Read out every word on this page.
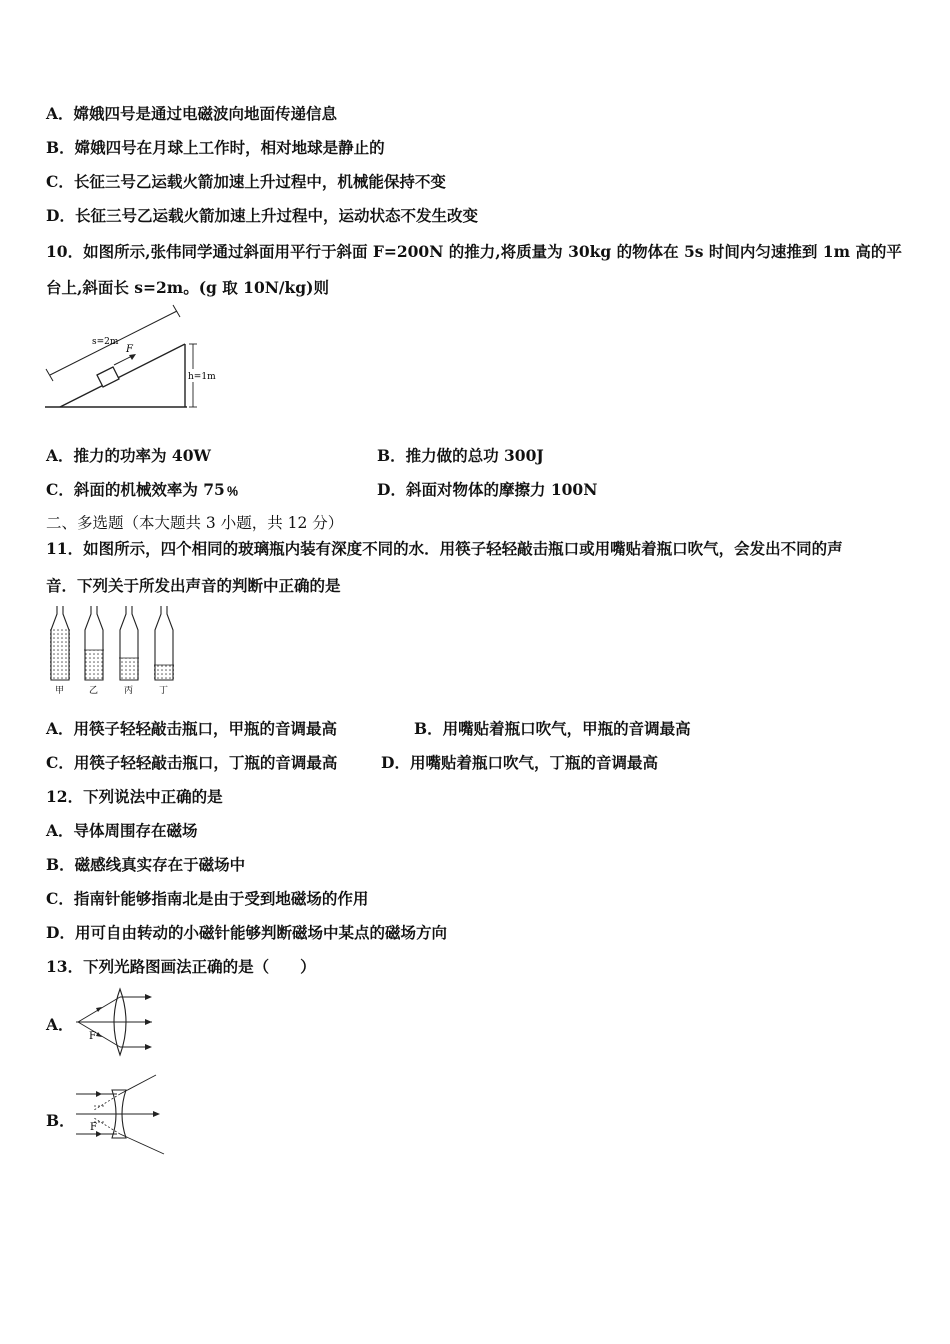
A．嫦娥四号是通过电磁波向地面传递信息
B．嫦娥四号在月球上工作时，相对地球是静止的
C．长征三号乙运载火箭加速上升过程中，机械能保持不变
D．长征三号乙运载火箭加速上升过程中，运动状态不发生改变
10．如图所示,张伟同学通过斜面用平行于斜面 F=200N 的推力,将质量为 30kg 的物体在 5s 时间内匀速推到 1m 高的平
台上,斜面长 s=2m。(g 取 10N/kg)则
s=2m
F
h=1m
A．推力的功率为 40W	B．推力做的总功 300J
C．斜面的机械效率为 75﹪	D．斜面对物体的摩擦力 100N
二、多选题（本大题共 3 小题，共 12 分）
11．如图所示，四个相同的玻璃瓶内装有深度不同的水．用筷子轻轻敲击瓶口或用嘴贴着瓶口吹气，会发出不同的声
音．下列关于所发出声音的判断中正确的是
甲	乙	丙	丁
A．用筷子轻轻敲击瓶口，甲瓶的音调最高	B．用嘴贴着瓶口吹气，甲瓶的音调最高
C．用筷子轻轻敲击瓶口，丁瓶的音调最高	D．用嘴贴着瓶口吹气，丁瓶的音调最高
12．下列说法中正确的是
A．导体周围存在磁场
B．磁感线真实存在于磁场中
C．指南针能够指南北是由于受到地磁场的作用
D．用可自由转动的小磁针能够判断磁场中某点的磁场方向
13．下列光路图画法正确的是（　　）
A．
F
B． F
